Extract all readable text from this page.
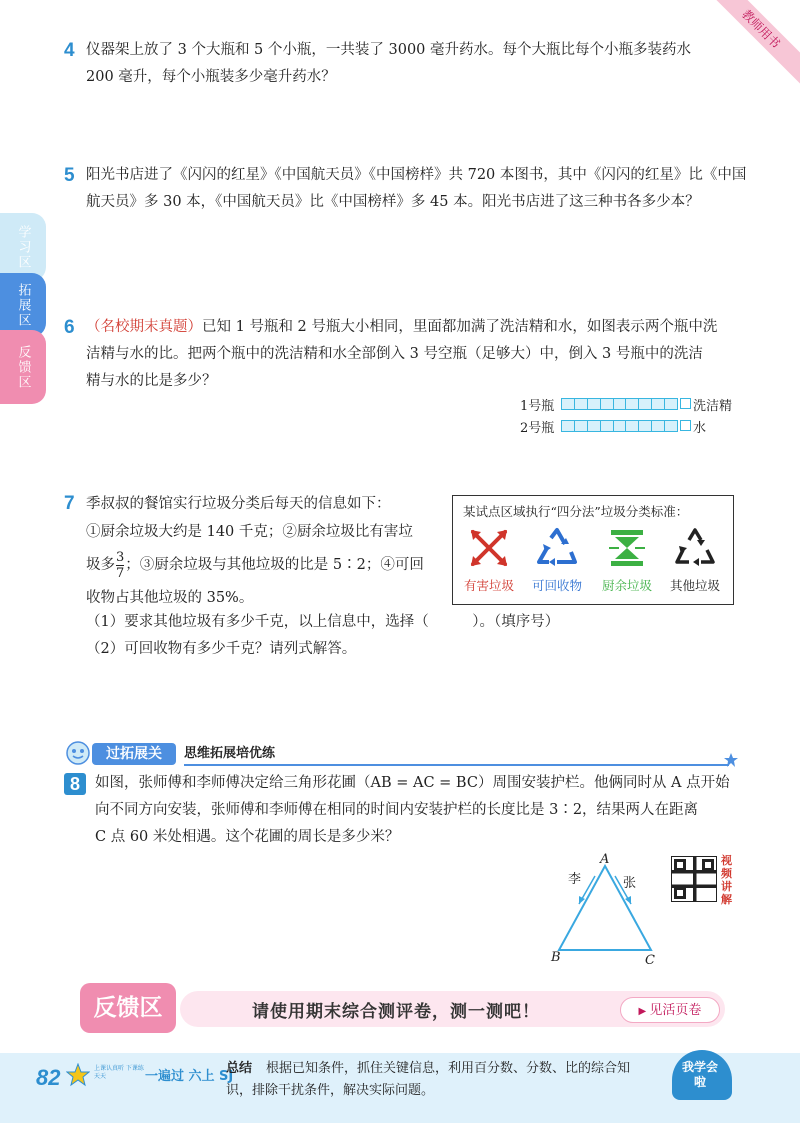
教师用书
学习区
拓展区
反馈区
4 仪器架上放了 3 个大瓶和 5 个小瓶，一共装了 3000 毫升药水。每个大瓶比每个小瓶多装药水
200 毫升，每个小瓶装多少毫升药水？
5 阳光书店进了《闪闪的红星》《中国航天员》《中国榜样》共 720 本图书，其中《闪闪的红星》比《中国
航天员》多 30 本，《中国航天员》比《中国榜样》多 45 本。阳光书店进了这三种书各多少本？
6 （名校期末真题）已知 1 号瓶和 2 号瓶大小相同，里面都加满了洗洁精和水，如图表示两个瓶中洗
洁精与水的比。把两个瓶中的洗洁精和水全部倒入 3 号空瓶（足够大）中，倒入 3 号瓶中的洗洁
精与水的比是多少？
1号瓶	洗洁精
2号瓶	水
7 季叔叔的餐馆实行垃圾分类后每天的信息如下：
①厨余垃圾大约是 140 千克；②厨余垃圾比有害垃
圾多 $\frac{3}{7}$ ；③厨余垃圾与其他垃圾的比是 5∶2；④可回
收物占其他垃圾的 35%。
（1）要求其他垃圾有多少千克，以上信息中，选择（　　　）。（填序号）
（2）可回收物有多少千克？请列式解答。
某试点区域执行“四分法”垃圾分类标准：
有害垃圾	可回收物	厨余垃圾	其他垃圾
过拓展关	思维拓展培优练
8	如图，张师傅和李师傅决定给三角形花圃（AB = AC = BC）周围安装护栏。他俩同时从 A 点开始
向不同方向安装，张师傅和李师傅在相同的时间内安装护栏的长度比是 3∶2，结果两人在距离
C 点 60 米处相遇。这个花圃的周长是多少米？
A
B	C
李	张
视频讲解
反馈区	请使用期末综合测评卷，测一测吧！	▶ 见活页卷
82	上课认真听 下课练天天	一遍过 六上 SJ
总结 根据已知条件，抓住关键信息，利用百分数、分数、比的综合知识，排除干扰条件，解决实际问题。
我学会啦
